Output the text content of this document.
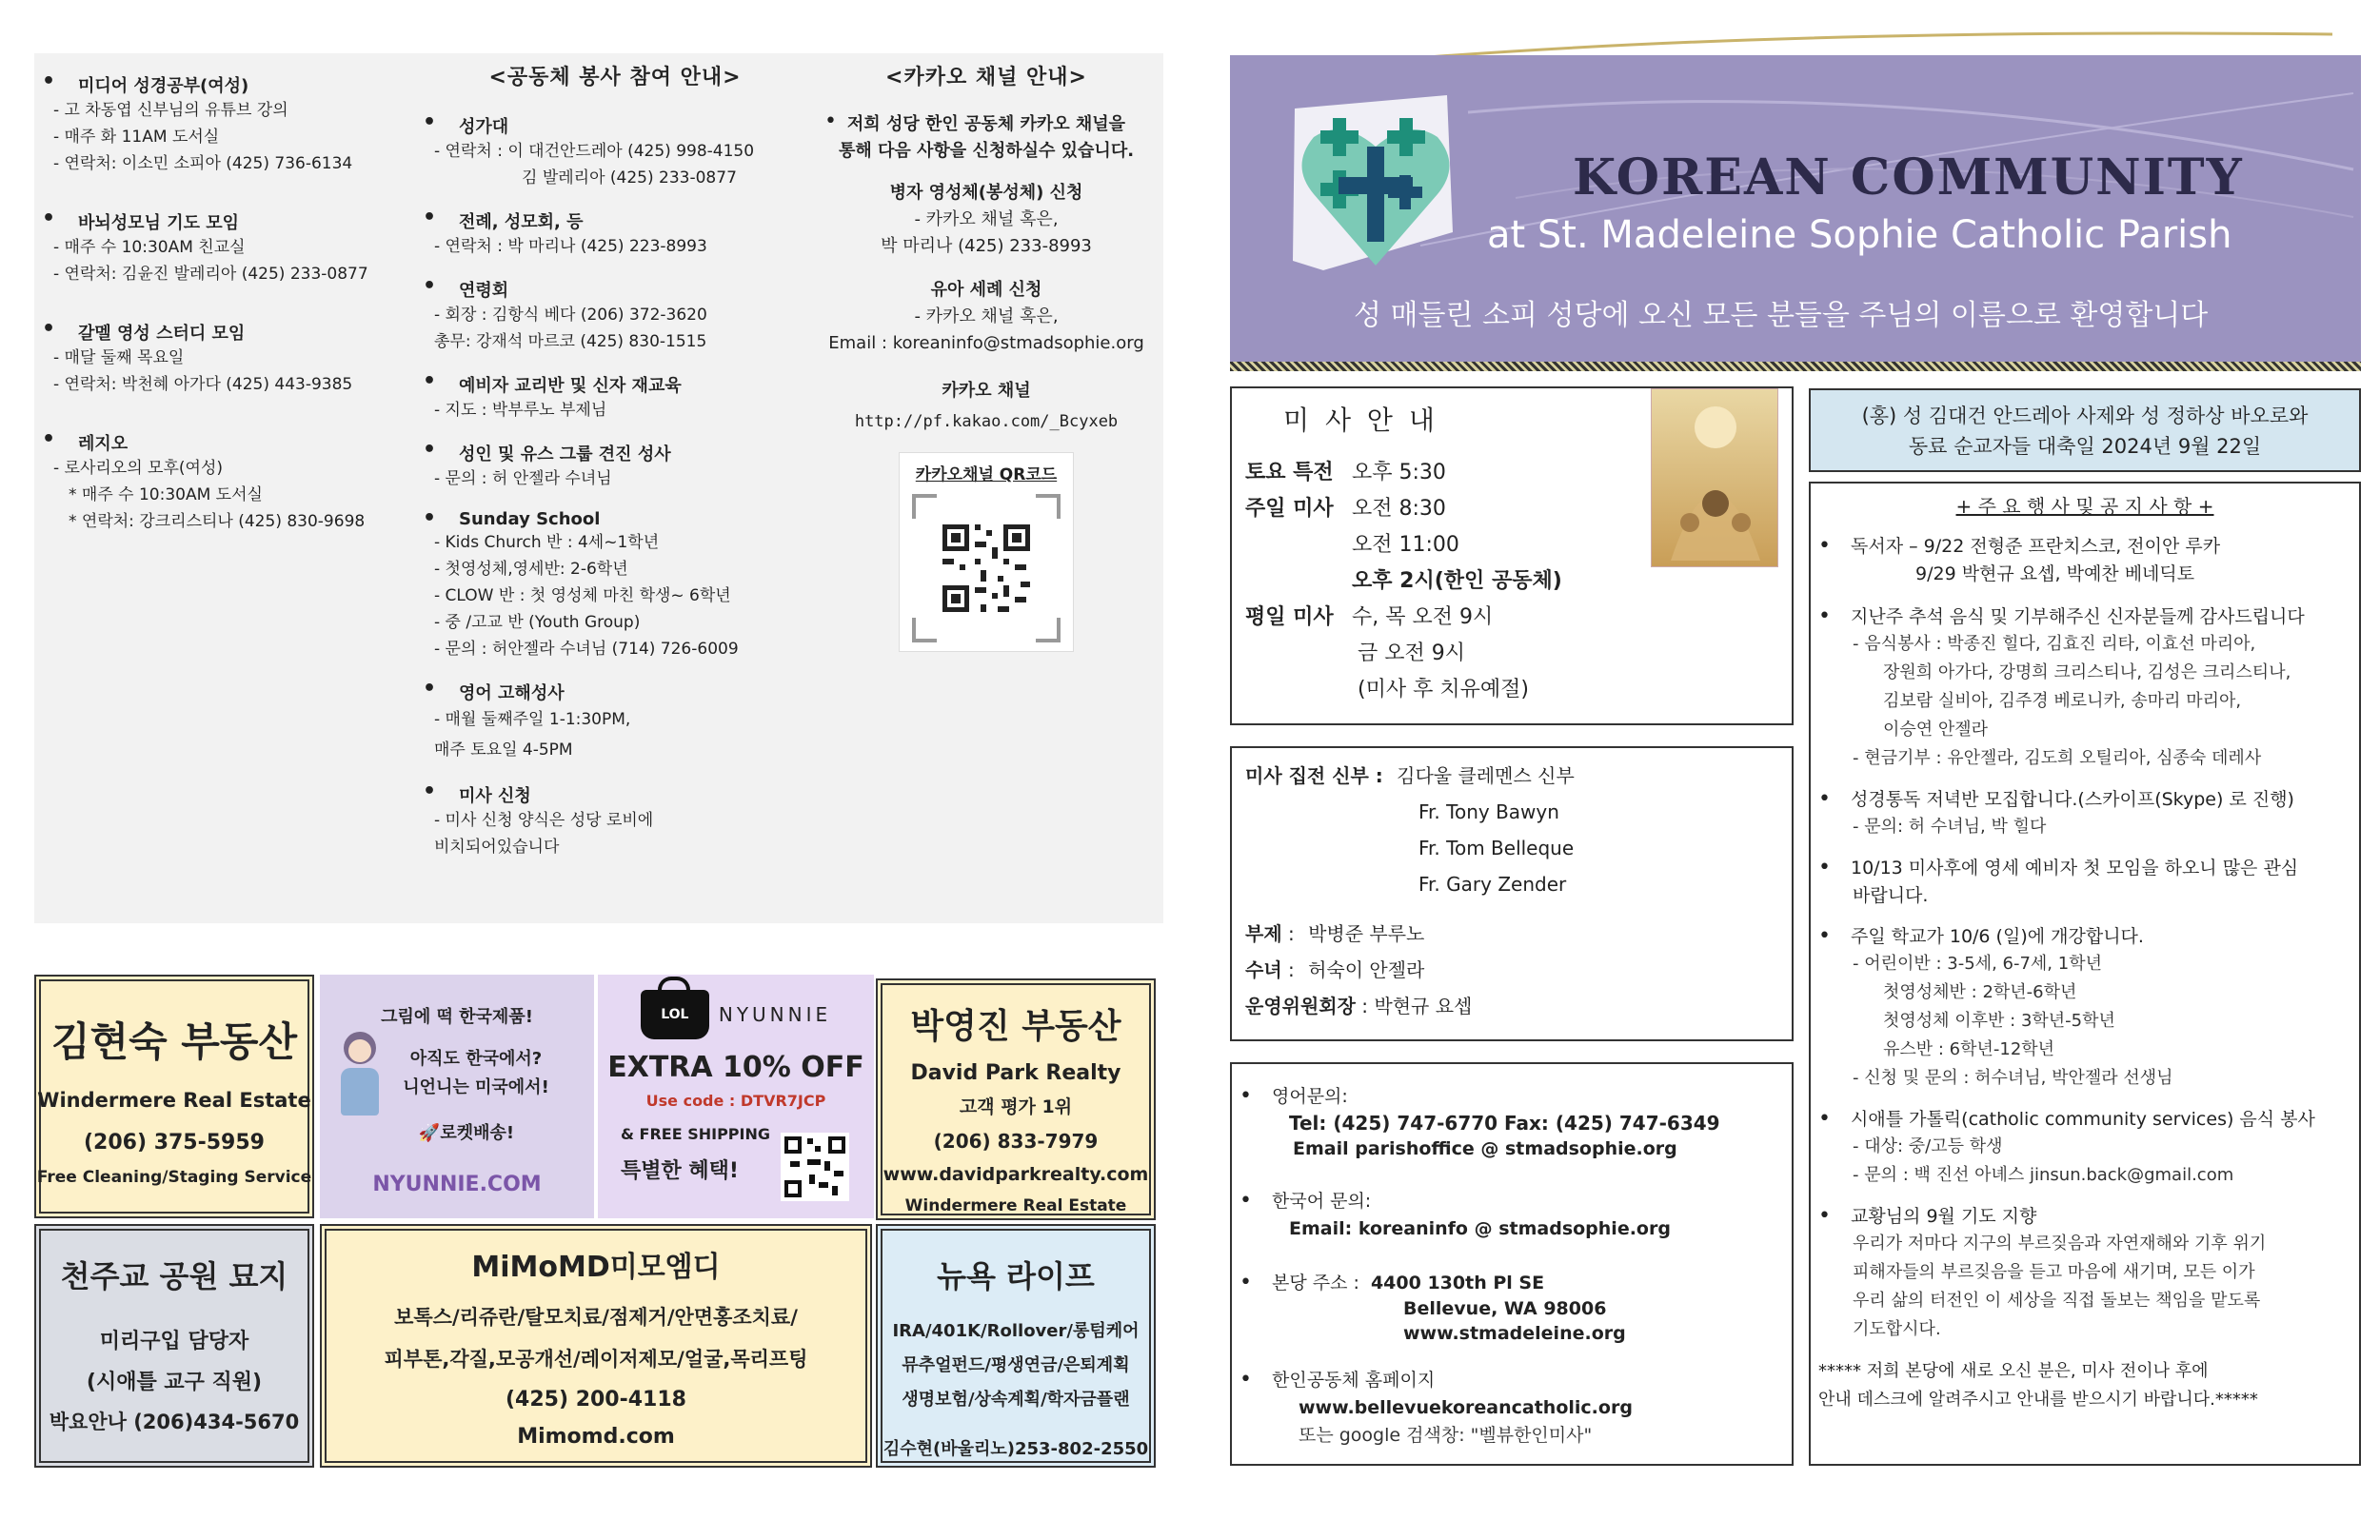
• 미디어 성경공부(여성)
- 고 차동엽 신부님의 유튜브 강의
- 매주 화 11AM 도서실
- 연락처: 이소민 소피아 (425) 736-6134
• 바뇌성모님 기도 모임
- 매주 수 10:30AM 친교실
- 연락처: 김윤진 발레리아 (425) 233-0877
• 갈멜 영성 스터디 모임
- 매달 둘째 목요일
- 연락처: 박천혜 아가다 (425) 443-9385
• 레지오
- 로사리오의 모후(여성)
* 매주 수 10:30AM 도서실
* 연락처: 강크리스티나 (425) 830-9698
<공동체 봉사 참여 안내>
• 성가대
- 연락처 : 이 대건안드레아 (425) 998-4150
김 발레리아 (425) 233-0877
• 전례, 성모회, 등
- 연락처 : 박 마리나 (425) 223-8993
• 연령회
- 회장 : 김항식 베다 (206) 372-3620
총무: 강재석 마르코 (425) 830-1515
• 예비자 교리반 및 신자 재교육
- 지도 : 박부루노 부제님
• 성인 및 유스 그룹 견진 성사
- 문의 : 허 안젤라 수녀님
• Sunday School
- Kids Church 반 : 4세~1학년
- 첫영성체,영세반: 2-6학년
- CLOW 반 : 첫 영성체 마친 학생~ 6학년
- 중 /고교 반 (Youth Group)
- 문의 : 허안젤라 수녀님 (714) 726-6009
• 영어 고해성사
- 매월 둘째주일 1-1:30PM,
매주 토요일 4-5PM
• 미사 신청
- 미사 신청 양식은 성당 로비에
비치되어있습니다
<카카오 채널 안내>
• 저희 성당 한인 공동체 카카오 채널을
통해 다음 사항을 신청하실수 있습니다.
병자 영성체(봉성체) 신청
- 카카오 채널 혹은,
박 마리나 (425) 233-8993
유아 세례 신청
- 카카오 채널 혹은,
Email : koreaninfo@stmadsophie.org
카카오 채널
http://pf.kakao.com/_Bcyxeb
카카오채널 QR코드
김현숙 부동산
Windermere Real Estate
(206) 375-5959
Free Cleaning/Staging Service
그림에 떡 한국제품!
아직도 한국에서?
니언니는 미국에서!
🚀로켓배송!
NYUNNIE.COM
LOL	NYUNNIE
EXTRA 10% OFF
Use code : DTVR7JCP
& FREE SHIPPING
특별한 혜택!
박영진 부동산
David Park Realty
고객 평가 1위
(206) 833-7979
www.davidparkrealty.com
Windermere Real Estate
천주교 공원 묘지
미리구입 담당자
(시애틀 교구 직원)
박요안나 (206)434-5670
MiMoMD미모엠디
보톡스/리쥬란/탈모치료/점제거/안면홍조치료/
피부톤,각질,모공개선/레이저제모/얼굴,목리프팅
(425) 200-4118
Mimomd.com
뉴욕 라이프
IRA/401K/Rollover/롱텀케어
뮤추얼펀드/평생연금/은퇴계획
생명보험/상속계획/학자금플랜
김수현(바울리노)253-802-2550
KOREAN COMMUNITY
at St. Madeleine Sophie Catholic Parish
성 매들린 소피 성당에 오신 모든 분들을 주님의 이름으로 환영합니다
미 사 안 내
토요 특전 오후 5:30
주일 미사 오전 8:30
오전 11:00
오후 2시(한인 공동체)
평일 미사 수, 목 오전 9시
금 오전 9시
(미사 후 치유예절)
미사 집전 신부 : 김다울 클레멘스 신부
Fr. Tony Bawyn
Fr. Tom Belleque
Fr. Gary Zender
부제 : 박병준 부루노
수녀 : 허숙이 안젤라
운영위원회장 : 박현규 요셉
• 영어문의:
Tel: (425) 747-6770 Fax: (425) 747-6349
Email parishoffice @ stmadsophie.org
• 한국어 문의:
Email: koreaninfo @ stmadsophie.org
• 본당 주소 : 4400 130th Pl SE
Bellevue, WA 98006
www.stmadeleine.org
• 한인공동체 홈페이지
www.bellevuekoreancatholic.org
또는 google 검색창: "벨뷰한인미사"
(홍) 성 김대건 안드레아 사제와 성 정하상 바오로와
동료 순교자들 대축일 2024년 9월 22일
+ 주 요 행 사 및 공 지 사 항 +
• 독서자 – 9/22 전형준 프란치스코, 전이안 루카
9/29 박현규 요셉, 박예찬 베네딕토
• 지난주 추석 음식 및 기부해주신 신자분들께 감사드립니다
- 음식봉사 : 박종진 힐다, 김효진 리타, 이효선 마리아,
장원희 아가다, 강명희 크리스티나, 김성은 크리스티나,
김보람 실비아, 김주경 베로니카, 송마리 마리아,
이승연 안젤라
- 현금기부 : 유안젤라, 김도희 오틸리아, 심종숙 데레사
• 성경통독 저녁반 모집합니다.(스카이프(Skype) 로 진행)
- 문의: 허 수녀님, 박 힐다
• 10/13 미사후에 영세 예비자 첫 모임을 하오니 많은 관심
바랍니다.
• 주일 학교가 10/6 (일)에 개강합니다.
- 어린이반 : 3-5세, 6-7세, 1학년
첫영성체반 : 2학년-6학년
첫영성체 이후반 : 3학년-5학년
유스반 : 6학년-12학년
- 신청 및 문의 : 허수녀님, 박안젤라 선생님
• 시애틀 가톨릭(catholic community services) 음식 봉사
- 대상: 중/고등 학생
- 문의 : 백 진선 아녜스 jinsun.back@gmail.com
• 교황님의 9월 기도 지향
우리가 저마다 지구의 부르짖음과 자연재해와 기후 위기
피해자들의 부르짖음을 듣고 마음에 새기며, 모든 이가
우리 삶의 터전인 이 세상을 직접 돌보는 책임을 맡도록
기도합시다.
***** 저희 본당에 새로 오신 분은, 미사 전이나 후에
안내 데스크에 알려주시고 안내를 받으시기 바랍니다.*****
